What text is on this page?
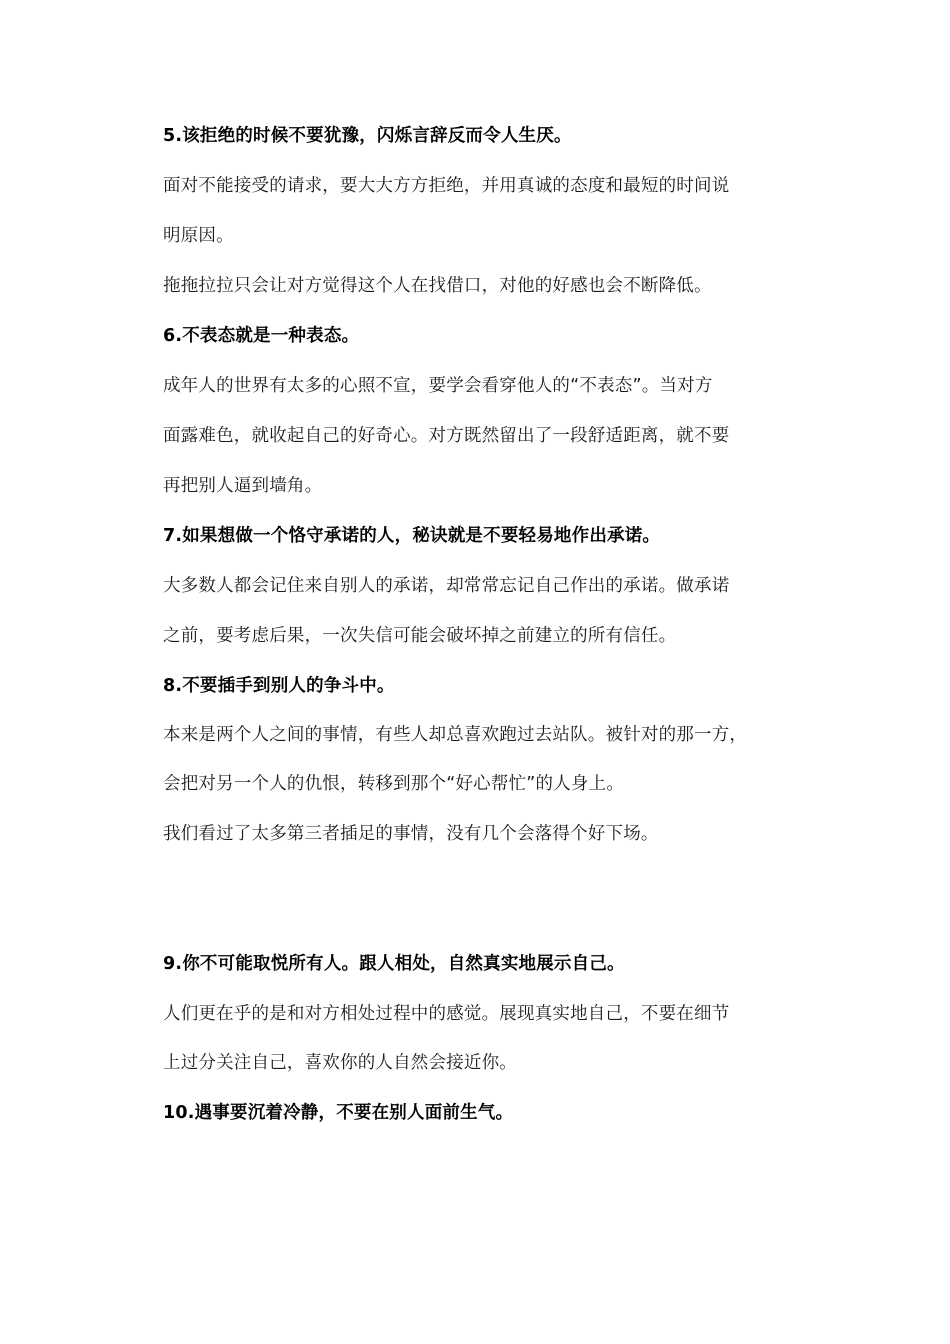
5.该拒绝的时候不要犹豫，闪烁言辞反而令人生厌。
面对不能接受的请求，要大大方方拒绝，并用真诚的态度和最短的时间说
明原因。
拖拖拉拉只会让对方觉得这个人在找借口，对他的好感也会不断降低。
6.不表态就是一种表态。
成年人的世界有太多的心照不宣，要学会看穿他人的“不表态”。当对方
面露难色，就收起自己的好奇心。对方既然留出了一段舒适距离，就不要
再把别人逼到墙角。
7.如果想做一个恪守承诺的人，秘诀就是不要轻易地作出承诺。
大多数人都会记住来自别人的承诺，却常常忘记自己作出的承诺。做承诺
之前，要考虑后果，一次失信可能会破坏掉之前建立的所有信任。
8.不要插手到别人的争斗中。
本来是两个人之间的事情，有些人却总喜欢跑过去站队。被针对的那一方，
会把对另一个人的仇恨，转移到那个“好心帮忙”的人身上。
我们看过了太多第三者插足的事情，没有几个会落得个好下场。
9.你不可能取悦所有人。跟人相处，自然真实地展示自己。
人们更在乎的是和对方相处过程中的感觉。展现真实地自己，不要在细节
上过分关注自己，喜欢你的人自然会接近你。
10.遇事要沉着冷静，不要在别人面前生气。
